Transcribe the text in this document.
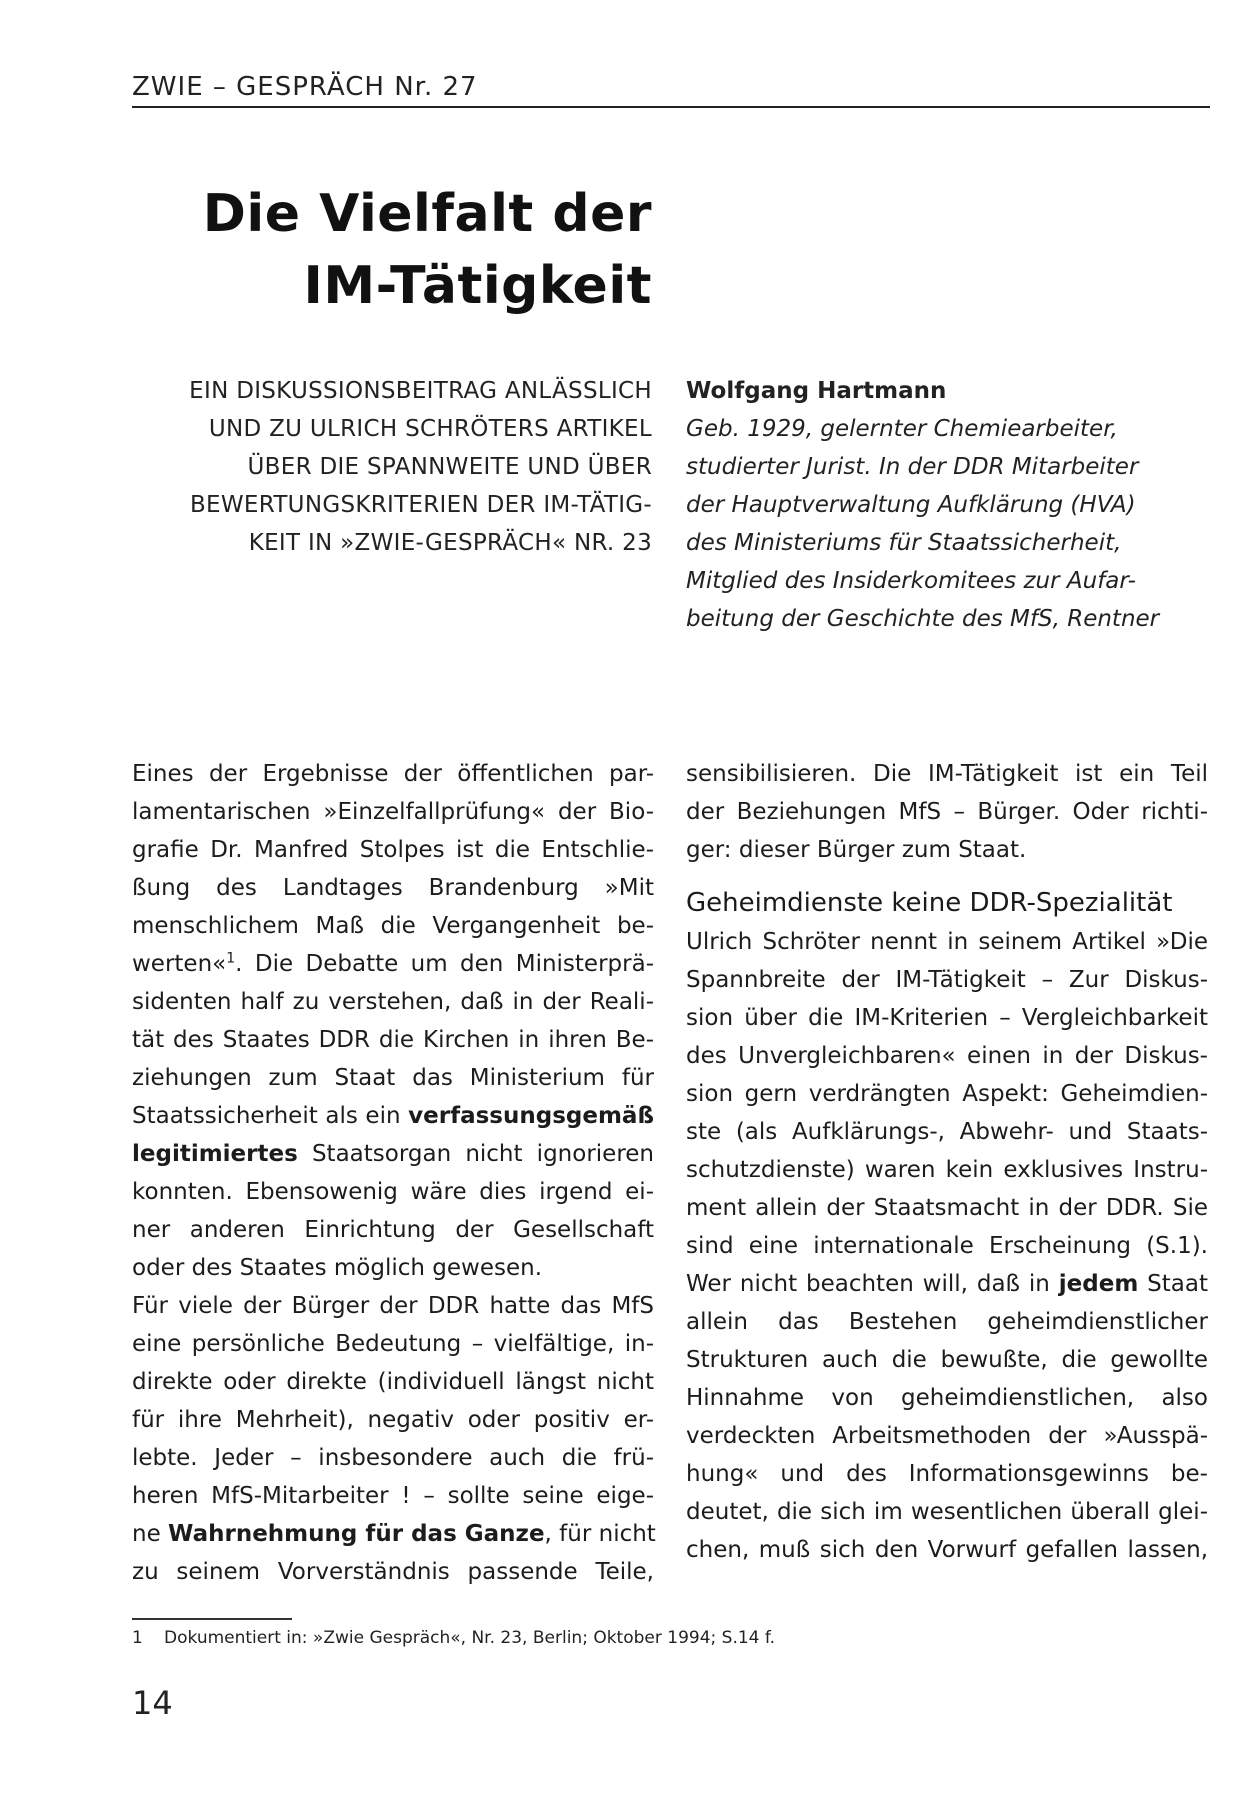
ZWIE – GESPRÄCH Nr. 27
Die Vielfalt der
IM-Tätigkeit
EIN DISKUSSIONSBEITRAG ANLÄSSLICH
UND ZU ULRICH SCHRÖTERS ARTIKEL
ÜBER DIE SPANNWEITE UND ÜBER
BEWERTUNGSKRITERIEN DER IM-TÄTIG-
KEIT IN »ZWIE-GESPRÄCH« NR. 23
Wolfgang Hartmann
Geb. 1929, gelernter Chemiearbeiter,
studierter Jurist. In der DDR Mitarbeiter
der Hauptverwaltung Aufklärung (HVA)
des Ministeriums für Staatssicherheit,
Mitglied des Insiderkomitees zur Aufar-
beitung der Geschichte des MfS, Rentner
Eines der Ergebnisse der öffentlichen par-
lamentarischen »Einzelfallprüfung« der Bio-
grafie Dr. Manfred Stolpes ist die Entschlie-
ßung des Landtages Brandenburg »Mit
menschlichem Maß die Vergangenheit be-
werten«$^1$. Die Debatte um den Ministerprä-
sidenten half zu verstehen, daß in der Reali-
tät des Staates DDR die Kirchen in ihren Be-
ziehungen zum Staat das Ministerium für
Staatssicherheit als ein verfassungsgemäß
legitimiertes Staatsorgan nicht ignorieren
konnten. Ebensowenig wäre dies irgend ei-
ner anderen Einrichtung der Gesellschaft
oder des Staates möglich gewesen.
Für viele der Bürger der DDR hatte das MfS
eine persönliche Bedeutung – vielfältige, in-
direkte oder direkte (individuell längst nicht
für ihre Mehrheit), negativ oder positiv er-
lebte. Jeder – insbesondere auch die frü-
heren MfS-Mitarbeiter ! – sollte seine eige-
ne Wahrnehmung für das Ganze, für nicht
zu seinem Vorverständnis passende Teile,
sensibilisieren. Die IM-Tätigkeit ist ein Teil
der Beziehungen MfS – Bürger. Oder richti-
ger: dieser Bürger zum Staat.
Geheimdienste keine DDR-Spezialität
Ulrich Schröter nennt in seinem Artikel »Die
Spannbreite der IM-Tätigkeit – Zur Diskus-
sion über die IM-Kriterien – Vergleichbarkeit
des Unvergleichbaren« einen in der Diskus-
sion gern verdrängten Aspekt: Geheimdien-
ste (als Aufklärungs-, Abwehr- und Staats-
schutzdienste) waren kein exklusives Instru-
ment allein der Staatsmacht in der DDR. Sie
sind eine internationale Erscheinung (S.1).
Wer nicht beachten will, daß in jedem Staat
allein das Bestehen geheimdienstlicher
Strukturen auch die bewußte, die gewollte
Hinnahme von geheimdienstlichen, also
verdeckten Arbeitsmethoden der »Ausspä-
hung« und des Informationsgewinns be-
deutet, die sich im wesentlichen überall glei-
chen, muß sich den Vorwurf gefallen lassen,
1 Dokumentiert in: »Zwie Gespräch«, Nr. 23, Berlin; Oktober 1994; S.14 f.
14
